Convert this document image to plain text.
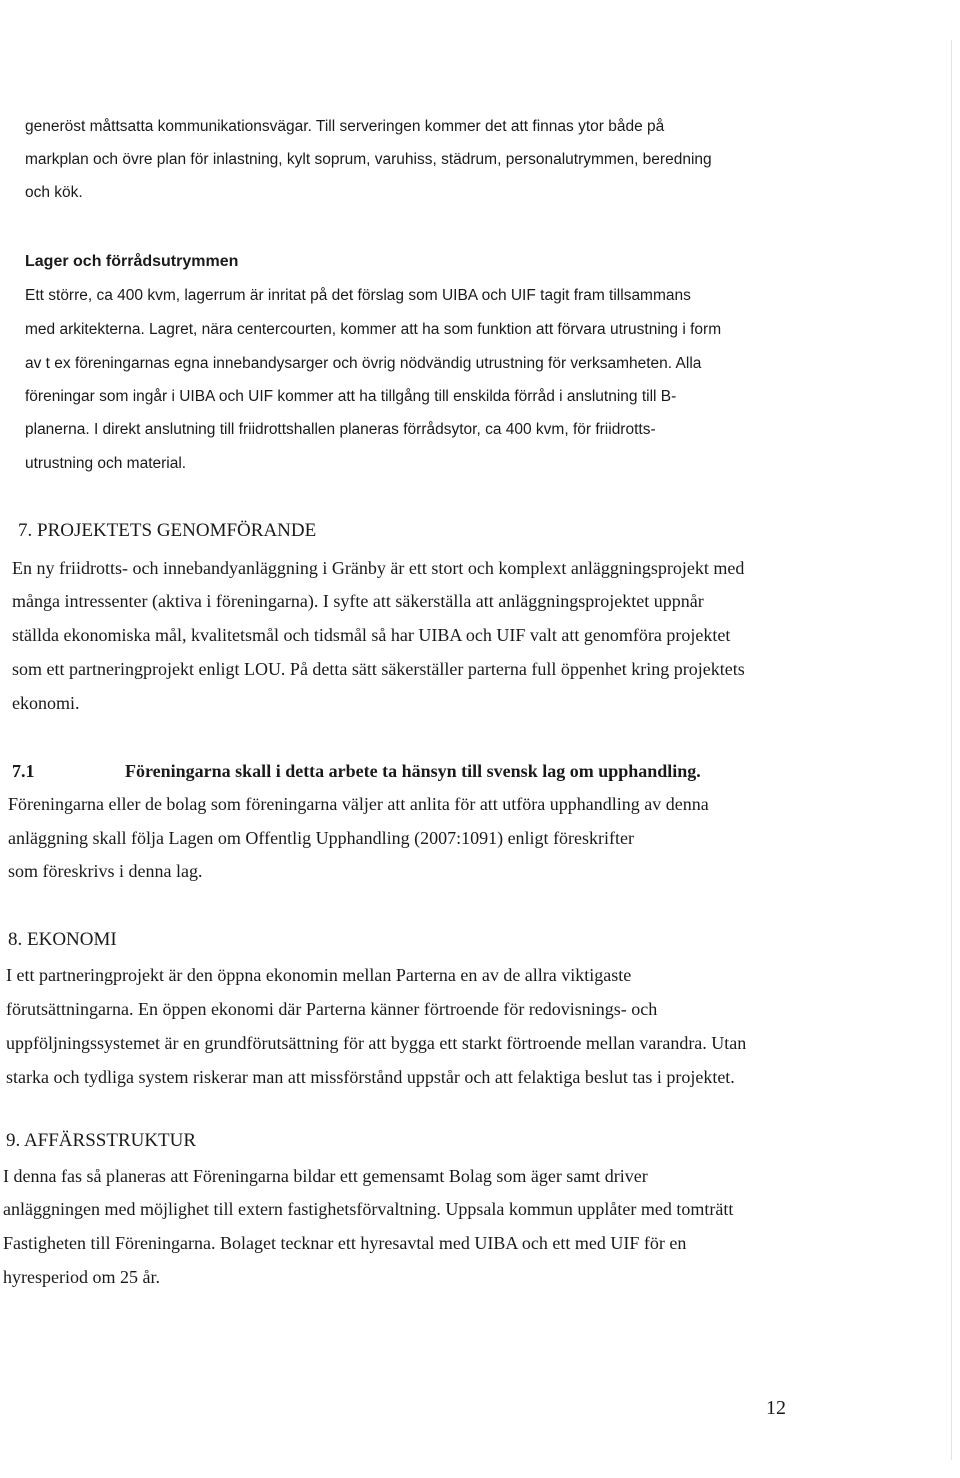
generöst måttsatta kommunikationsvägar. Till serveringen kommer det att finnas ytor både på
markplan och övre plan för inlastning, kylt soprum, varuhiss, städrum, personalutrymmen, beredning
och kök.
Lager och förrådsutrymmen
Ett större, ca 400 kvm, lagerrum är inritat på det förslag som UIBA och UIF tagit fram tillsammans
med arkitekterna. Lagret, nära centercourten, kommer att ha som funktion att förvara utrustning i form
av t ex föreningarnas egna innebandysarger och övrig nödvändig utrustning för verksamheten. Alla
föreningar som ingår i UIBA och UIF kommer att ha tillgång till enskilda förråd i anslutning till B-
planerna. I direkt anslutning till friidrottshallen planeras förrådsytor, ca 400 kvm, för friidrotts-
utrustning och material.
7. PROJEKTETS GENOMFÖRANDE
En ny friidrotts- och innebandyanläggning i Gränby är ett stort och komplext anläggningsprojekt med
många intressenter (aktiva i föreningarna). I syfte att säkerställa att anläggningsprojektet uppnår
ställda ekonomiska mål, kvalitetsmål och tidsmål så har UIBA och UIF valt att genomföra projektet
som ett partneringprojekt enligt LOU. På detta sätt säkerställer parterna full öppenhet kring projektets
ekonomi.
7.1	Föreningarna skall i detta arbete ta hänsyn till svensk lag om upphandling.
Föreningarna eller de bolag som föreningarna väljer att anlita för att utföra upphandling av denna
anläggning skall följa Lagen om Offentlig Upphandling (2007:1091) enligt föreskrifter
som föreskrivs i denna lag.
8. EKONOMI
I ett partneringprojekt är den öppna ekonomin mellan Parterna en av de allra viktigaste
förutsättningarna. En öppen ekonomi där Parterna känner förtroende för redovisnings- och
uppföljningssystemet är en grundförutsättning för att bygga ett starkt förtroende mellan varandra. Utan
starka och tydliga system riskerar man att missförstånd uppstår och att felaktiga beslut tas i projektet.
9. AFFÄRSSTRUKTUR
I denna fas så planeras att Föreningarna bildar ett gemensamt Bolag som äger samt driver
anläggningen med möjlighet till extern fastighetsförvaltning. Uppsala kommun upplåter med tomträtt
Fastigheten till Föreningarna. Bolaget tecknar ett hyresavtal med UIBA och ett med UIF för en
hyresperiod om 25 år.
12
